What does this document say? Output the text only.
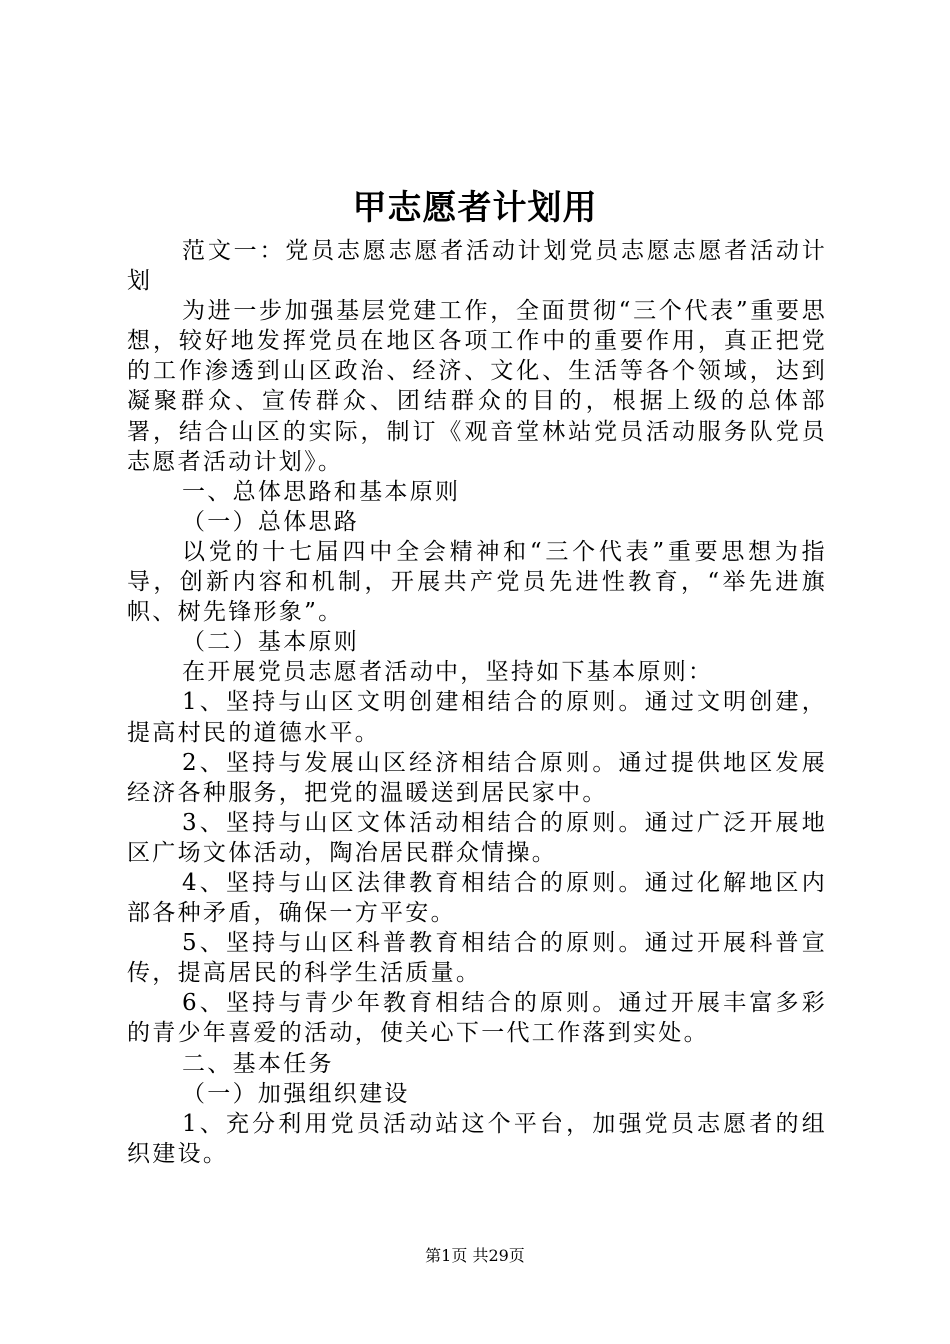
甲志愿者计划用

范文一：党员志愿志愿者活动计划党员志愿志愿者活动计划

为进一步加强基层党建工作，全面贯彻“三个代表”重要思想，较好地发挥党员在地区各项工作中的重要作用，真正把党的工作渗透到山区政治、经济、文化、生活等各个领域，达到凝聚群众、宣传群众、团结群众的目的，根据上级的总体部署，结合山区的实际，制订《观音堂林站党员活动服务队党员志愿者活动计划》。

一、总体思路和基本原则

（一）总体思路

以党的十七届四中全会精神和“三个代表”重要思想为指导，创新内容和机制，开展共产党员先进性教育，“举先进旗帜、树先锋形象”。

（二）基本原则

在开展党员志愿者活动中，坚持如下基本原则：

1、坚持与山区文明创建相结合的原则。通过文明创建，提高村民的道德水平。

2、坚持与发展山区经济相结合原则。通过提供地区发展经济各种服务，把党的温暖送到居民家中。

3、坚持与山区文体活动相结合的原则。通过广泛开展地区广场文体活动，陶冶居民群众情操。

4、坚持与山区法律教育相结合的原则。通过化解地区内部各种矛盾，确保一方平安。

5、坚持与山区科普教育相结合的原则。通过开展科普宣传，提高居民的科学生活质量。

6、坚持与青少年教育相结合的原则。通过开展丰富多彩的青少年喜爱的活动，使关心下一代工作落到实处。

二、基本任务

（一）加强组织建设

1、充分利用党员活动站这个平台，加强党员志愿者的组织建设。

第1页 共29页
